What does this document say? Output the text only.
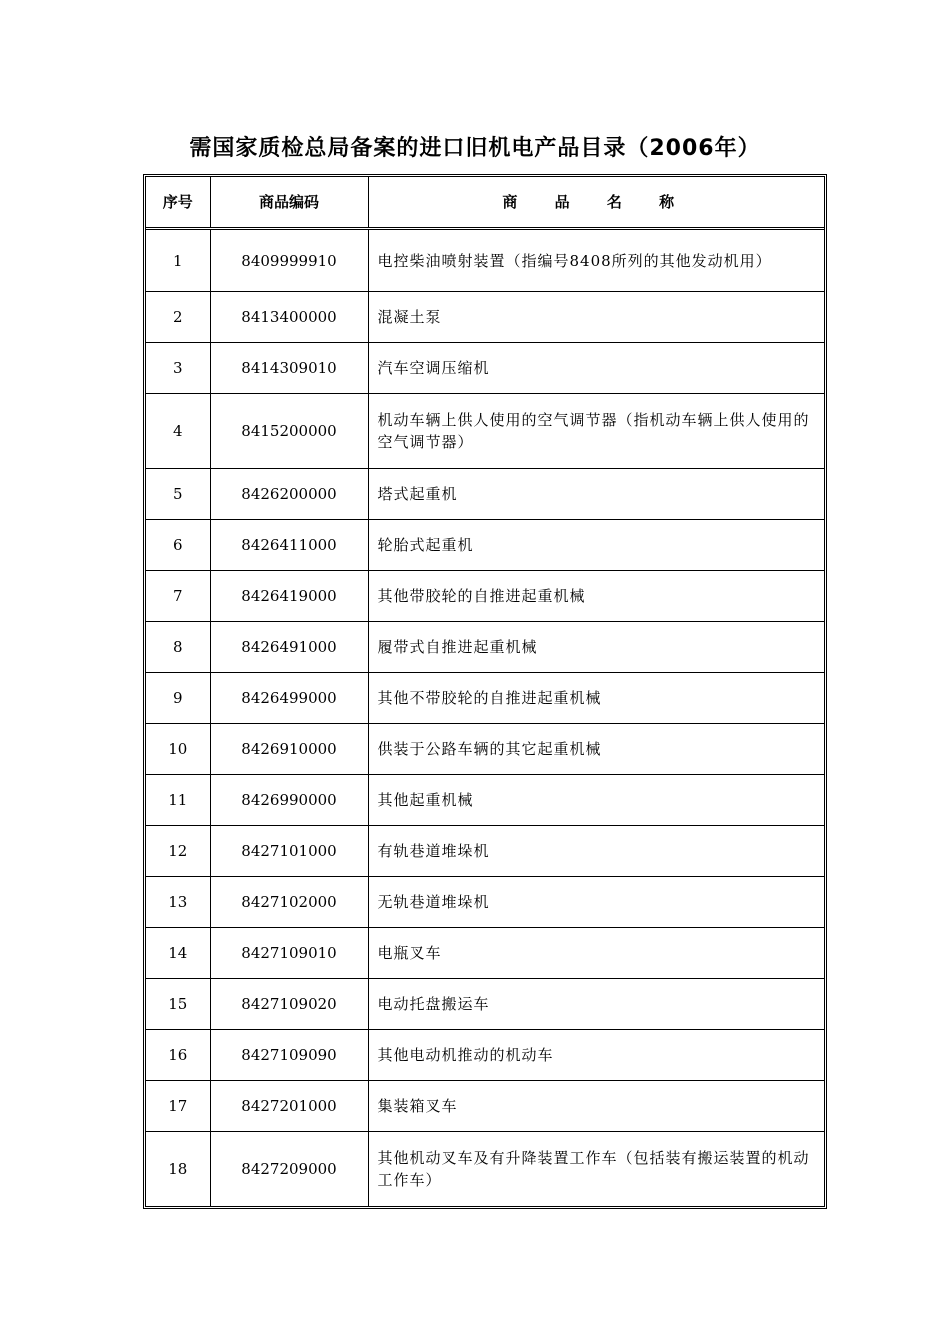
需国家质检总局备案的进口旧机电产品目录（2006年）
序号	商品编码	商 品 名 称
1	8409999910	电控柴油喷射装置（指编号8408所列的其他发动机用）
2	8413400000	混凝土泵
3	8414309010	汽车空调压缩机
4	8415200000	机动车辆上供人使用的空气调节器（指机动车辆上供人使用的空气调节器）
5	8426200000	塔式起重机
6	8426411000	轮胎式起重机
7	8426419000	其他带胶轮的自推进起重机械
8	8426491000	履带式自推进起重机械
9	8426499000	其他不带胶轮的自推进起重机械
10	8426910000	供装于公路车辆的其它起重机械
11	8426990000	其他起重机械
12	8427101000	有轨巷道堆垛机
13	8427102000	无轨巷道堆垛机
14	8427109010	电瓶叉车
15	8427109020	电动托盘搬运车
16	8427109090	其他电动机推动的机动车
17	8427201000	集装箱叉车
18	8427209000	其他机动叉车及有升降装置工作车（包括装有搬运装置的机动工作车）
